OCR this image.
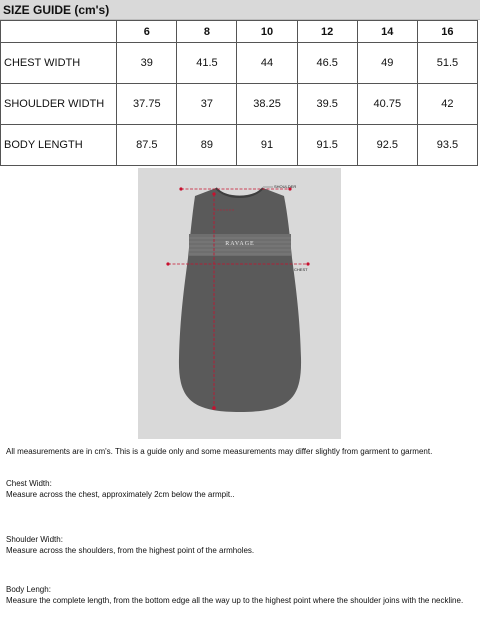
SIZE GUIDE (cm's)
	6	8	10	12	14	16
CHEST WIDTH	39	41.5	44	46.5	49	51.5
SHOULDER WIDTH	37.75	37	38.25	39.5	40.75	42
BODY LENGTH	87.5	89	91	91.5	92.5	93.5
RAVAGE
SHOULDER
CHEST
All measurements are in cm's. This is a guide only and some measurements may differ slightly from garment to garment.
Chest Width:
Measure across the chest, approximately 2cm below the armpit..
Shoulder Width:
Measure across the shoulders, from the highest point of the armholes.
Body Lengh:
Measure the complete length, from the bottom edge all the way up to the highest point where the shoulder joins with the neckline.
